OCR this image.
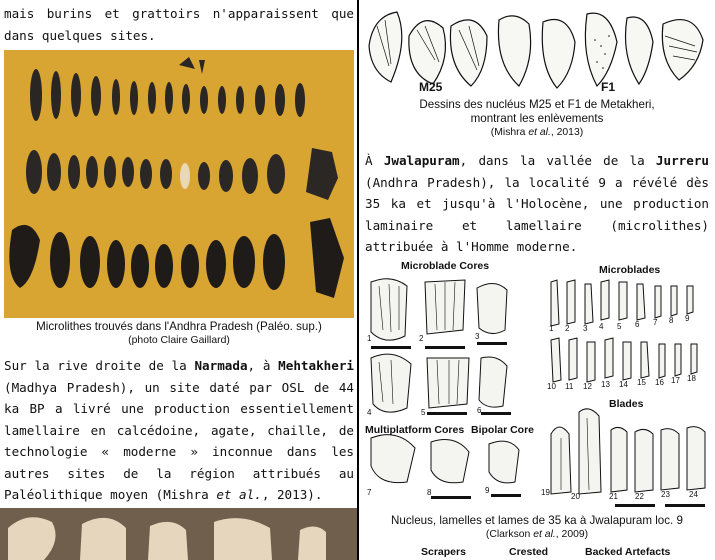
mais burins et grattoirs n'apparaissent que dans quelques sites.
Microlithes trouvés dans l'Andhra Pradesh (Paléo. sup.)
(photo Claire Gaillard)
Sur la rive droite de la Narmada, à Mehtakheri (Madhya Pradesh), un site daté par OSL de 44 ka BP a livré une production essentiellement lamellaire en calcédoine, agate, chaille, de technologie « moderne » inconnue dans les autres sites de la région attribués au Paléolithique moyen (Mishra et al., 2013).
M25	F1
Dessins des nucléus M25 et F1 de Metakheri,
montrant les enlèvements
(Mishra et al., 2013)
À Jwalapuram, dans la vallée de la Jurreru (Andhra Pradesh), la localité 9 a révélé dès 35 ka et jusqu'à l'Holocène, une production laminaire et lamellaire (microlithes) attribuée à l'Homme moderne.
Microblade Cores	Microblades
Blades
Multiplatform Cores Bipolar Core
1	2	3
4	5	6
7	8	9
1 2 3 4 5 6 7 8 9
10 11 12 13 14 15 16 17 18
19	20	21 22 23 24
Nucleus, lamelles et lames de 35 ka à Jwalapuram loc. 9
(Clarkson et al., 2009)
Scrapers	Crested	Backed Artefacts
